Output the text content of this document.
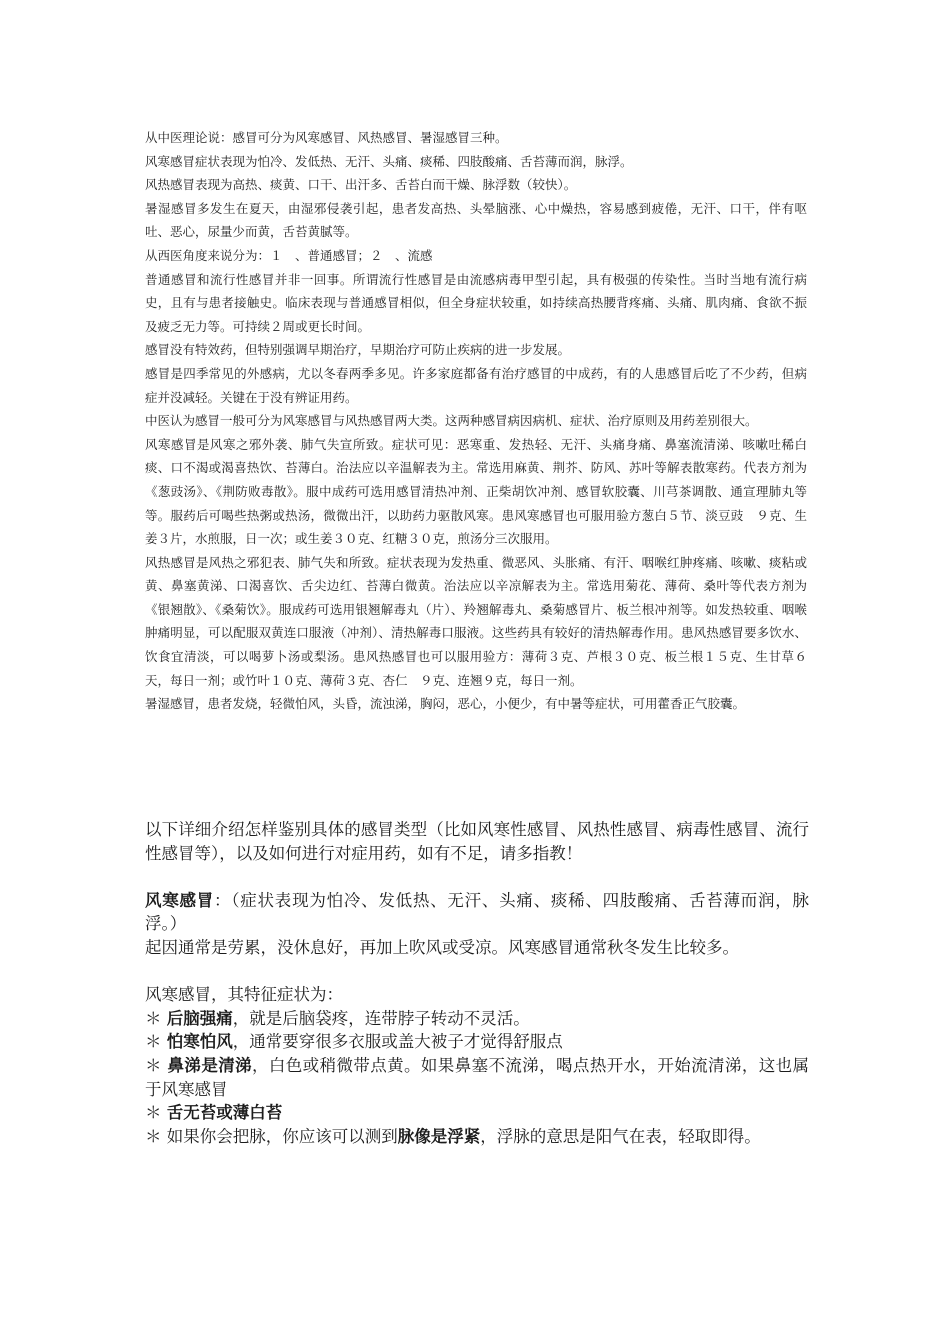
从中医理论说：感冒可分为风寒感冒、风热感冒、暑湿感冒三种。

风寒感冒症状表现为怕冷、发低热、无汗、头痛、痰稀、四肢酸痛、舌苔薄而润，脉浮。

风热感冒表现为高热、痰黄、口干、出汗多、舌苔白而干燥、脉浮数（较快）。

暑湿感冒多发生在夏天，由湿邪侵袭引起，患者发高热、头晕脑涨、心中燥热，容易感到疲倦，无汗、口干，伴有呕吐、恶心，尿量少而黄，舌苔黄腻等。

从西医角度来说分为：１　、普通感冒；２　、流感

普通感冒和流行性感冒并非一回事。所谓流行性感冒是由流感病毒甲型引起，具有极强的传染性。当时当地有流行病史，且有与患者接触史。临床表现与普通感冒相似，但全身症状较重，如持续高热腰背疼痛、头痛、肌肉痛、食欲不振及疲乏无力等。可持续２周或更长时间。

感冒没有特效药，但特别强调早期治疗，早期治疗可防止疾病的进一步发展。

感冒是四季常见的外感病，尤以冬春两季多见。许多家庭都备有治疗感冒的中成药，有的人患感冒后吃了不少药，但病症并没减轻。关键在于没有辨证用药。

中医认为感冒一般可分为风寒感冒与风热感冒两大类。这两种感冒病因病机、症状、治疗原则及用药差别很大。

风寒感冒是风寒之邪外袭、肺气失宣所致。症状可见：恶寒重、发热轻、无汗、头痛身痛、鼻塞流清涕、咳嗽吐稀白痰、口不渴或渴喜热饮、苔薄白。治法应以辛温解表为主。常选用麻黄、荆芥、防风、苏叶等解表散寒药。代表方剂为《葱豉汤》、《荆防败毒散》。服中成药可选用感冒清热冲剂、正柴胡饮冲剂、感冒软胶囊、川芎茶调散、通宣理肺丸等等。服药后可喝些热粥或热汤，微微出汗，以助药力驱散风寒。患风寒感冒也可服用验方葱白５节、淡豆豉　９克、生姜３片，水煎服，日一次；或生姜３０克、红糖３０克，煎汤分三次服用。

风热感冒是风热之邪犯表、肺气失和所致。症状表现为发热重、微恶风、头胀痛、有汗、咽喉红肿疼痛、咳嗽、痰粘或黄、鼻塞黄涕、口渴喜饮、舌尖边红、苔薄白微黄。治法应以辛凉解表为主。常选用菊花、薄荷、桑叶等代表方剂为《银翘散》、《桑菊饮》。服成药可选用银翘解毒丸（片）、羚翘解毒丸、桑菊感冒片、板兰根冲剂等。如发热较重、咽喉肿痛明显，可以配服双黄连口服液（冲剂）、清热解毒口服液。这些药具有较好的清热解毒作用。患风热感冒要多饮水、饮食宜清淡，可以喝萝卜汤或梨汤。患风热感冒也可以服用验方：薄荷３克、芦根３０克、板兰根１５克、生甘草６天，每日一剂；或竹叶１０克、薄荷３克、杏仁　９克、连翘９克，每日一剂。

暑湿感冒，患者发烧，轻微怕风，头昏，流浊涕，胸闷，恶心，小便少，有中暑等症状，可用藿香正气胶囊。

以下详细介绍怎样鉴别具体的感冒类型（比如风寒性感冒、风热性感冒、病毒性感冒、流行性感冒等），以及如何进行对症用药，如有不足，请多指教！

风寒感冒：（症状表现为怕冷、发低热、无汗、头痛、痰稀、四肢酸痛、舌苔薄而润，脉浮。）

起因通常是劳累，没休息好，再加上吹风或受凉。风寒感冒通常秋冬发生比较多。

风寒感冒，其特征症状为：

＊ 后脑强痛，就是后脑袋疼，连带脖子转动不灵活。

＊ 怕寒怕风，通常要穿很多衣服或盖大被子才觉得舒服点

＊ 鼻涕是清涕，白色或稍微带点黄。如果鼻塞不流涕，喝点热开水，开始流清涕，这也属于风寒感冒

＊ 舌无苔或薄白苔

＊ 如果你会把脉，你应该可以测到脉像是浮紧，浮脉的意思是阳气在表，轻取即得。
